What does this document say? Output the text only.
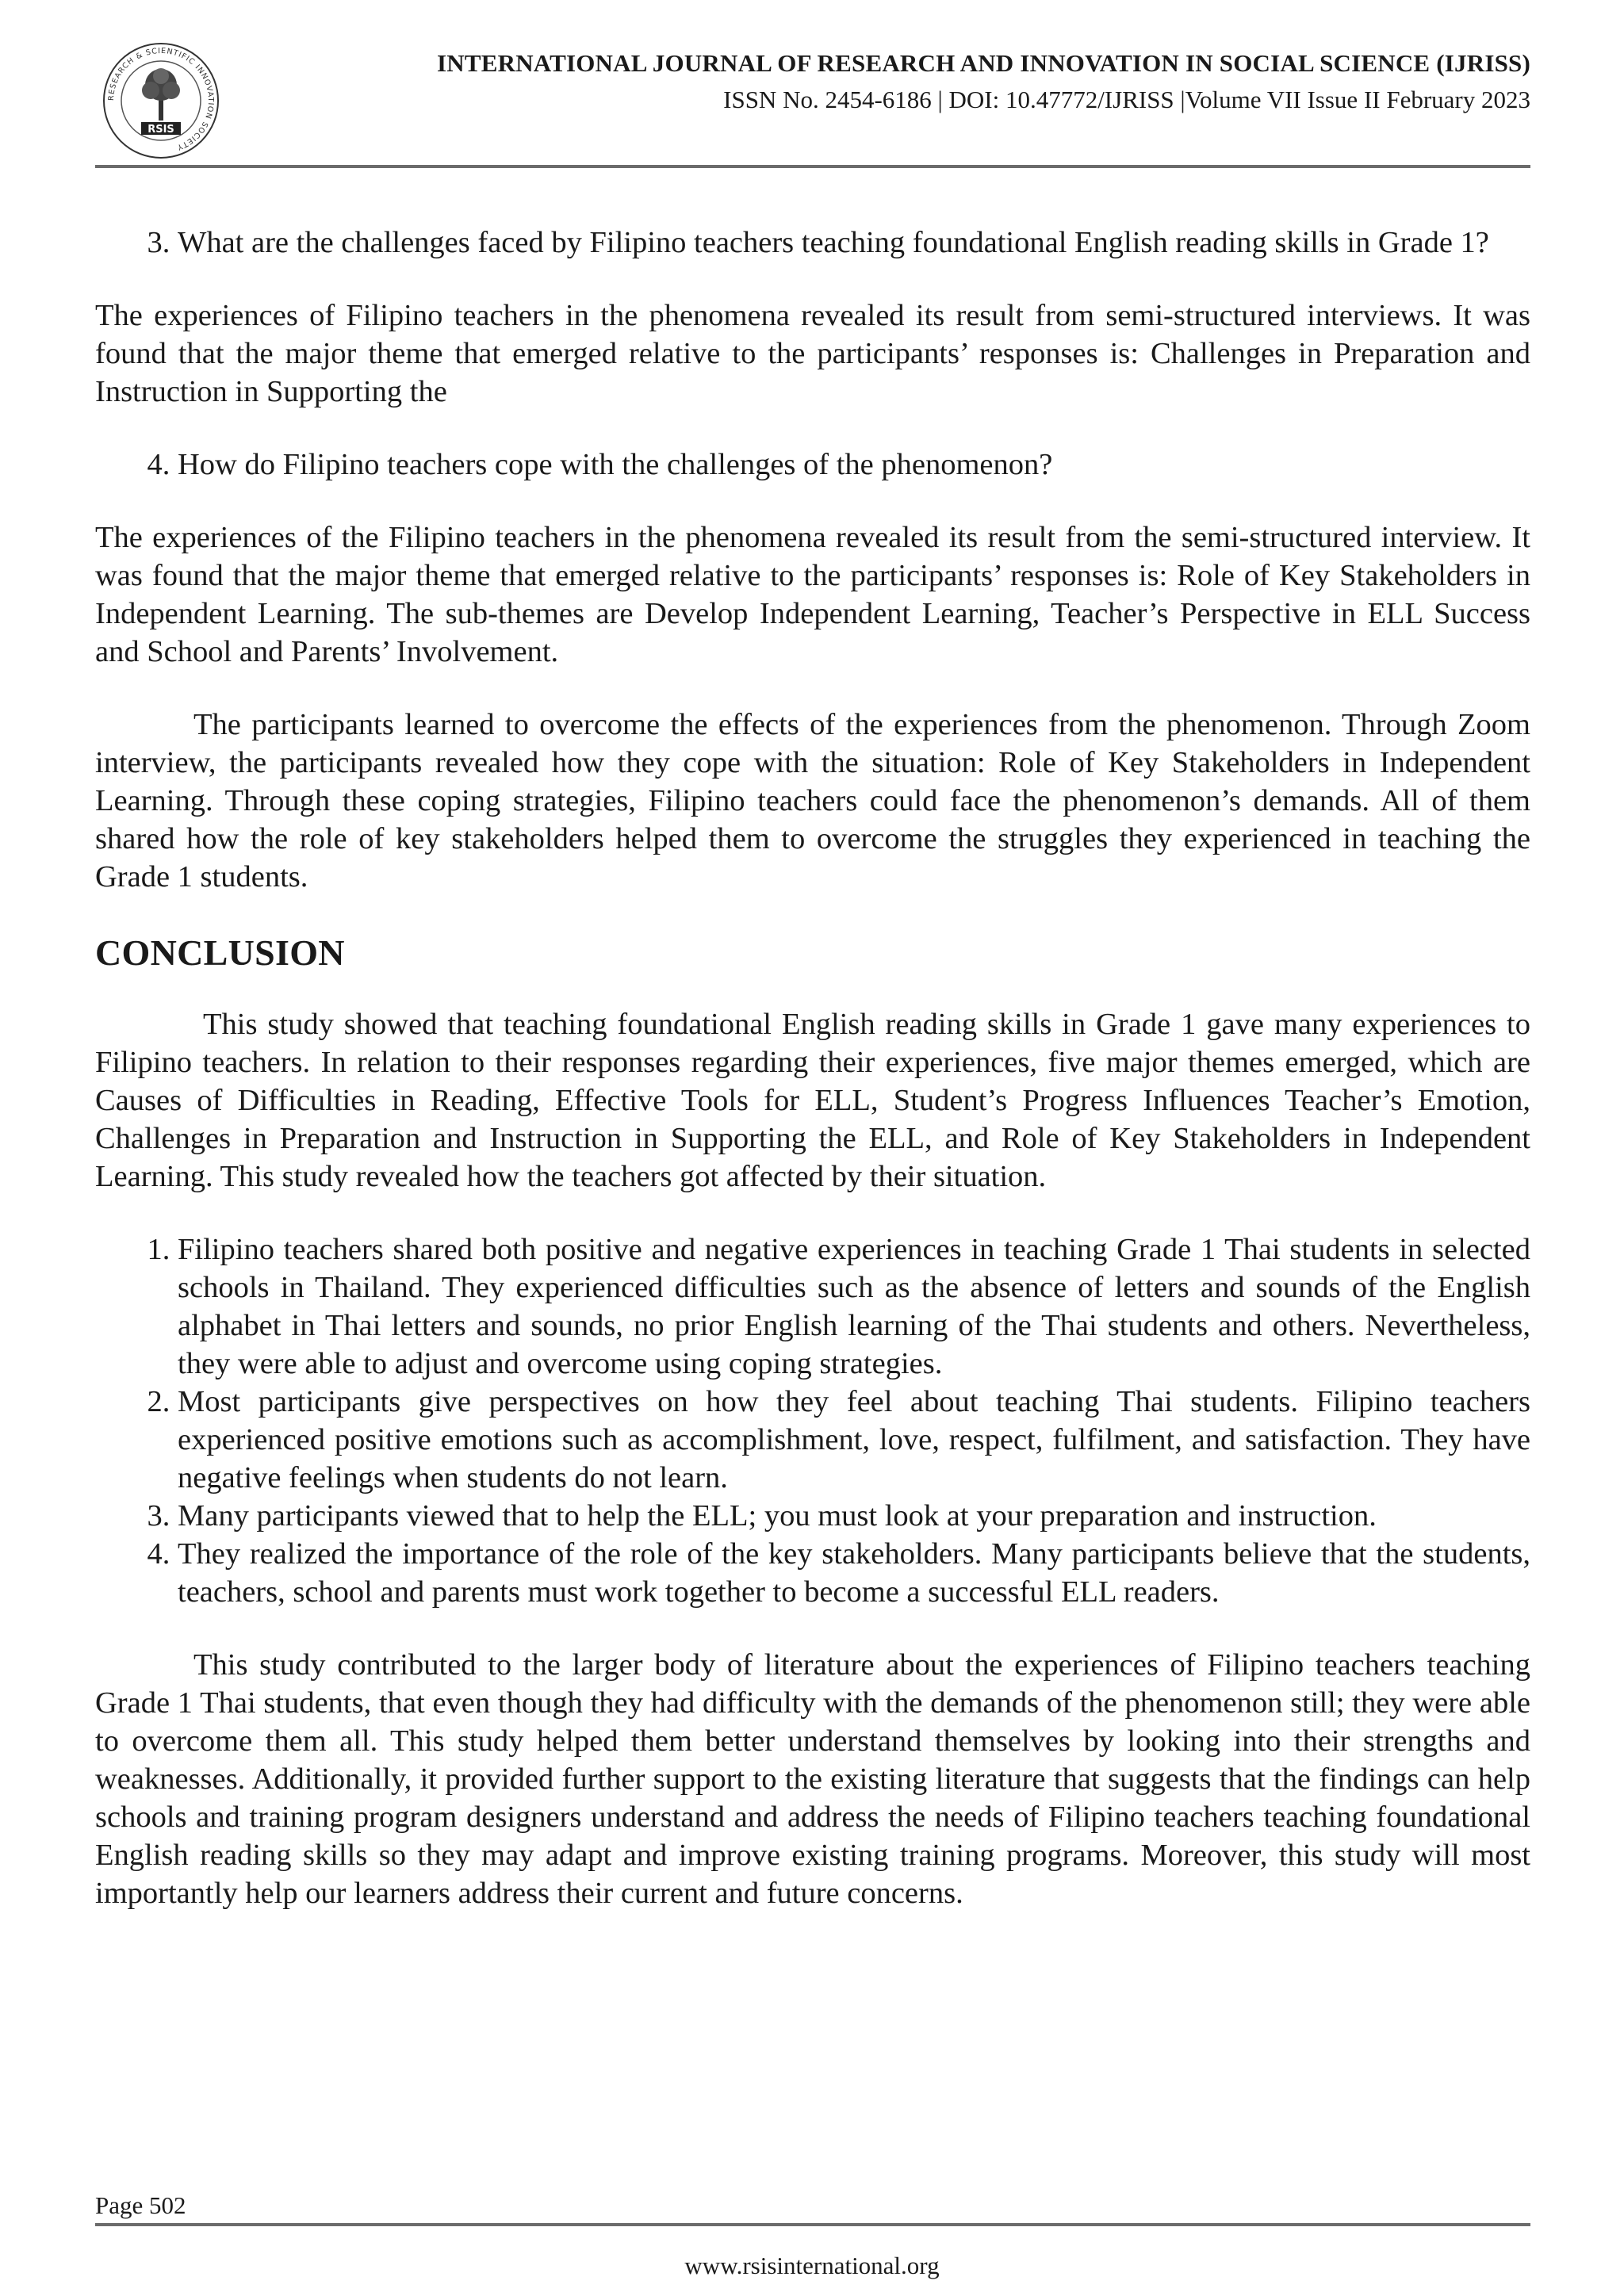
RESEARCH & SCIENTIFIC INNOVATION SOCIETY
RSIS
INTERNATIONAL JOURNAL OF RESEARCH AND INNOVATION IN SOCIAL SCIENCE (IJRISS)
ISSN No. 2454-6186 | DOI: 10.47772/IJRISS |Volume VII Issue II February 2023
3. What are the challenges faced by Filipino teachers teaching foundational English reading skills in Grade 1?

The experiences of Filipino teachers in the phenomena revealed its result from semi-structured interviews. It was found that the major theme that emerged relative to the participants’ responses is: Challenges in Preparation and Instruction in Supporting the

4. How do Filipino teachers cope with the challenges of the phenomenon?

The experiences of the Filipino teachers in the phenomena revealed its result from the semi-structured interview. It was found that the major theme that emerged relative to the participants’ responses is: Role of Key Stakeholders in Independent Learning. The sub-themes are Develop Independent Learning, Teacher’s Perspective in ELL Success and School and Parents’ Involvement.

The participants learned to overcome the effects of the experiences from the phenomenon. Through Zoom interview, the participants revealed how they cope with the situation: Role of Key Stakeholders in Independent Learning. Through these coping strategies, Filipino teachers could face the phenomenon’s demands. All of them shared how the role of key stakeholders helped them to overcome the struggles they experienced in teaching the Grade 1 students.

CONCLUSION

This study showed that teaching foundational English reading skills in Grade 1 gave many experiences to Filipino teachers. In relation to their responses regarding their experiences, five major themes emerged, which are Causes of Difficulties in Reading, Effective Tools for ELL, Student’s Progress Influences Teacher’s Emotion, Challenges in Preparation and Instruction in Supporting the ELL, and Role of Key Stakeholders in Independent Learning. This study revealed how the teachers got affected by their situation.

1. Filipino teachers shared both positive and negative experiences in teaching Grade 1 Thai students in selected schools in Thailand. They experienced difficulties such as the absence of letters and sounds of the English alphabet in Thai letters and sounds, no prior English learning of the Thai students and others. Nevertheless, they were able to adjust and overcome using coping strategies.
2. Most participants give perspectives on how they feel about teaching Thai students. Filipino teachers experienced positive emotions such as accomplishment, love, respect, fulfilment, and satisfaction. They have negative feelings when students do not learn.
3. Many participants viewed that to help the ELL; you must look at your preparation and instruction.
4. They realized the importance of the role of the key stakeholders. Many participants believe that the students, teachers, school and parents must work together to become a successful ELL readers.

This study contributed to the larger body of literature about the experiences of Filipino teachers teaching Grade 1 Thai students, that even though they had difficulty with the demands of the phenomenon still; they were able to overcome them all. This study helped them better understand themselves by looking into their strengths and weaknesses. Additionally, it provided further support to the existing literature that suggests that the findings can help schools and training program designers understand and address the needs of Filipino teachers teaching foundational English reading skills so they may adapt and improve existing training programs. Moreover, this study will most importantly help our learners address their current and future concerns.

Page 502
www.rsisinternational.org
